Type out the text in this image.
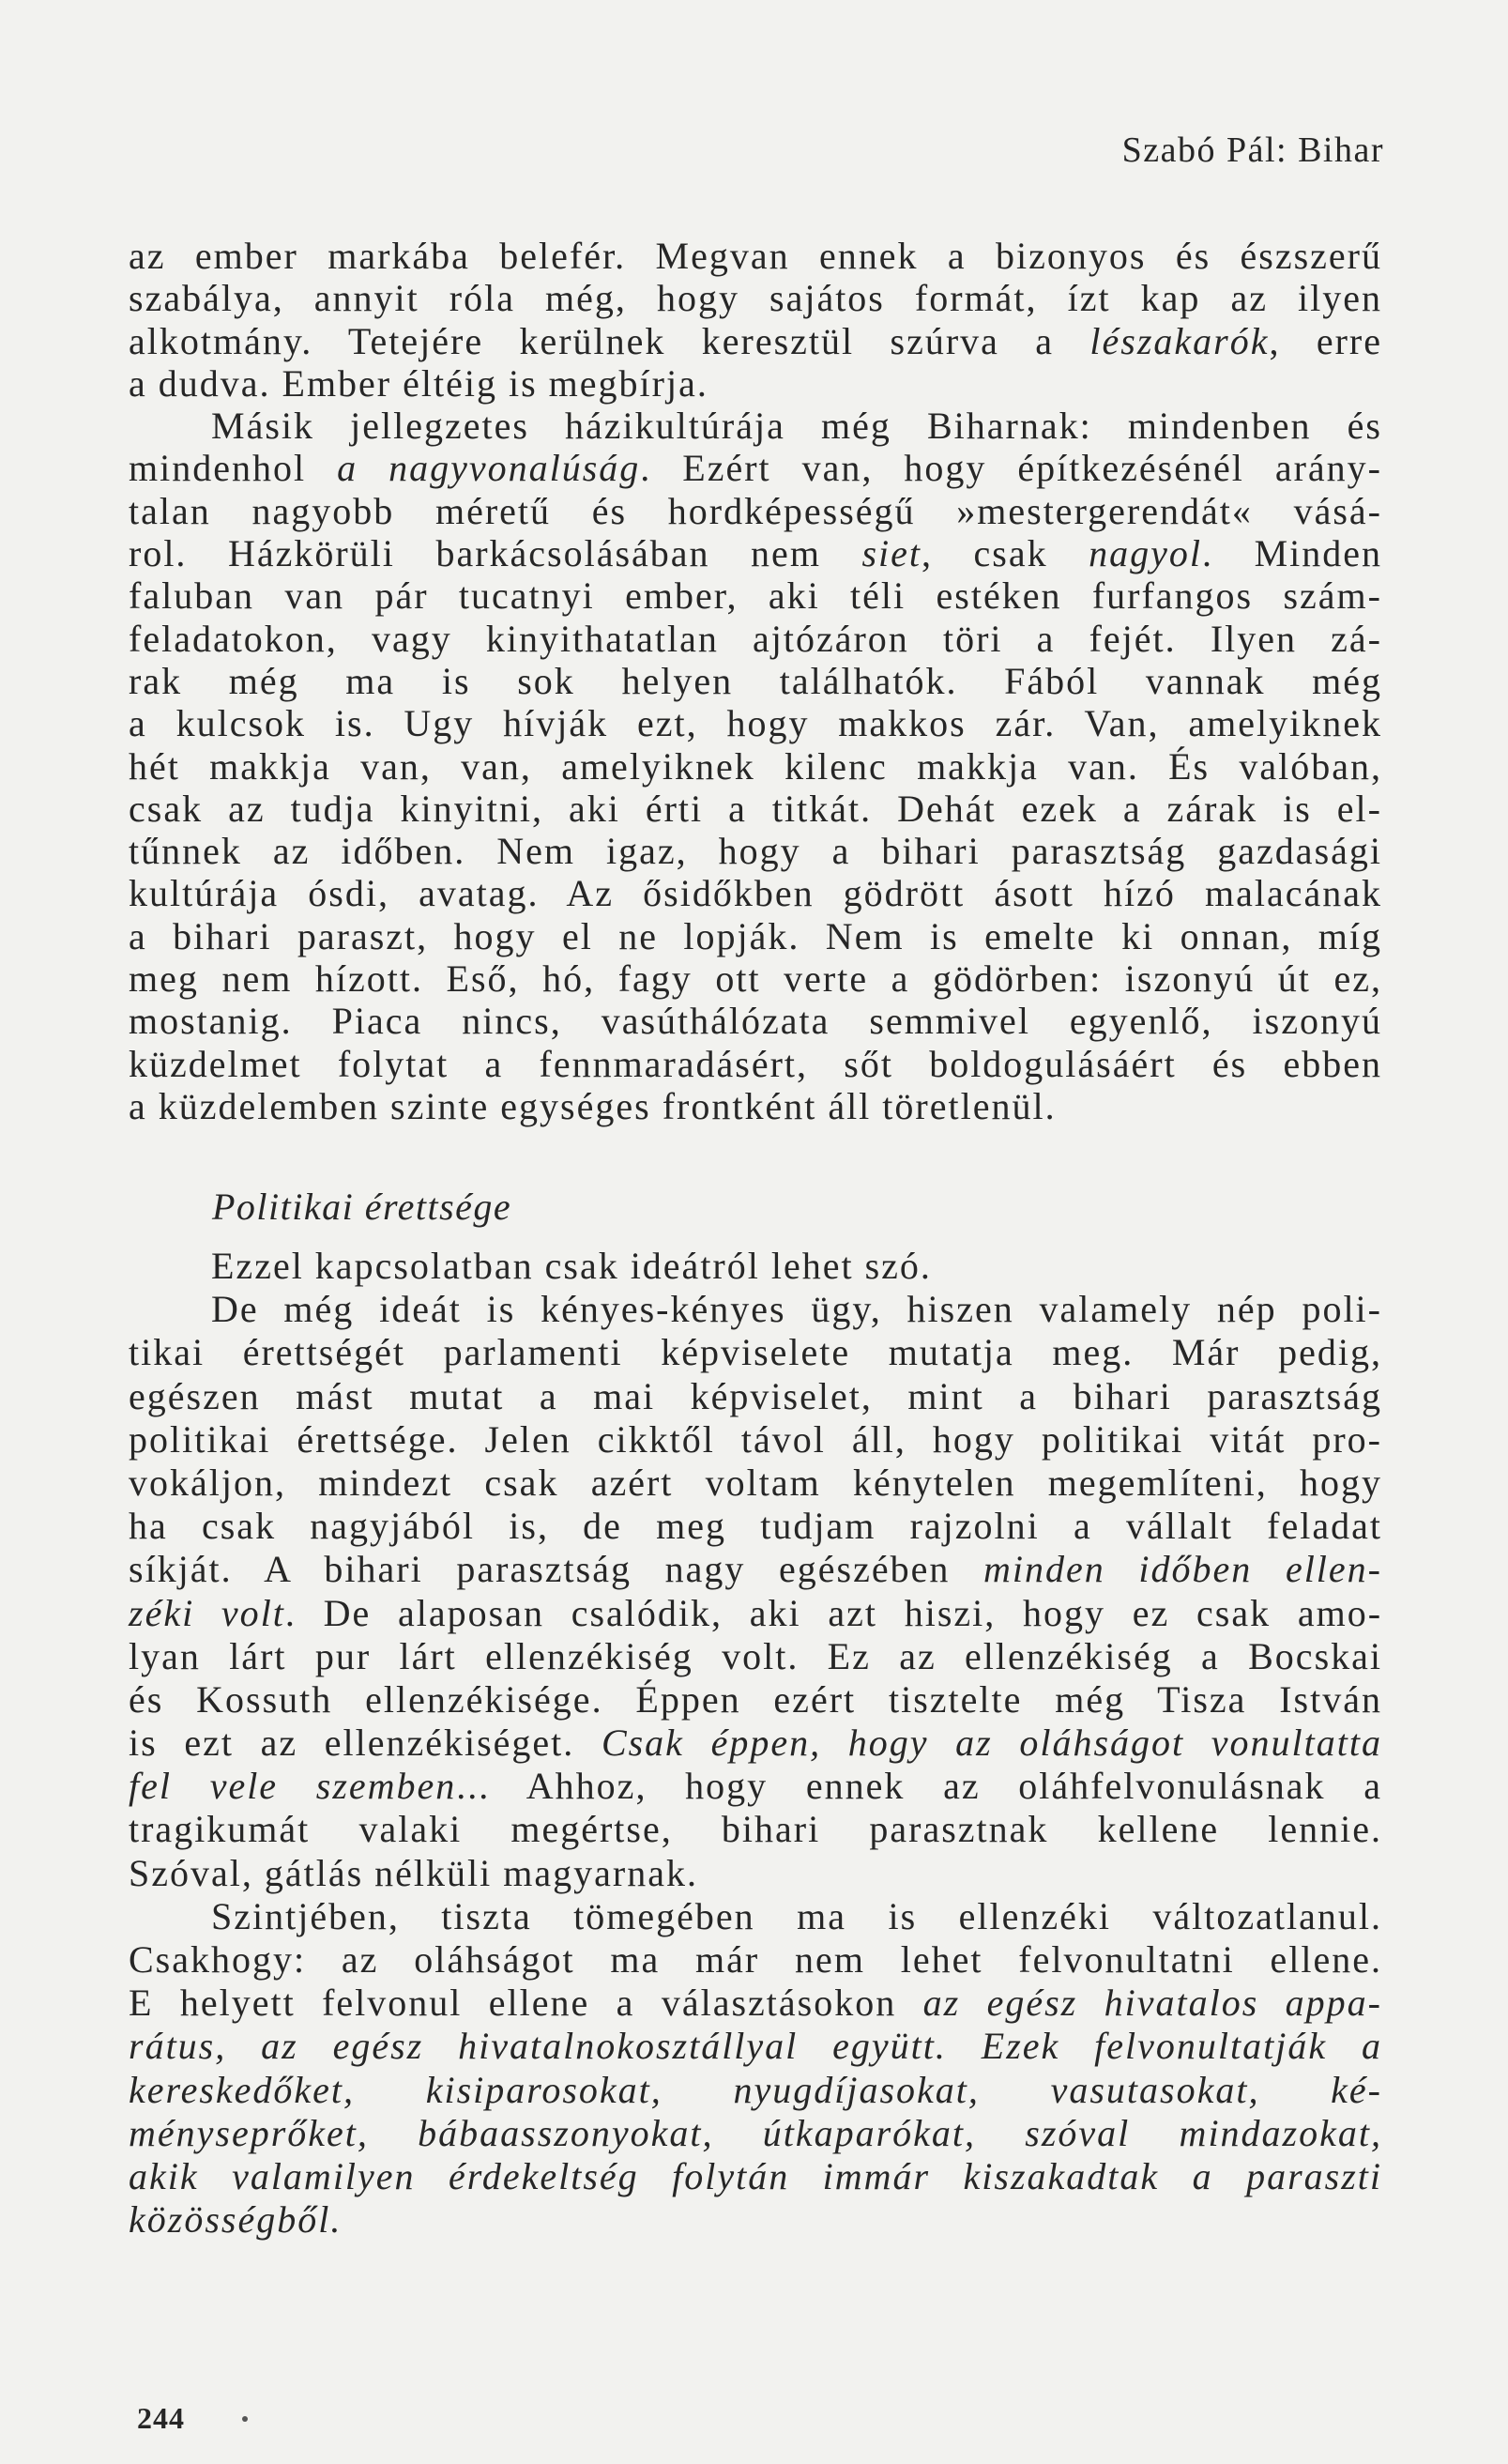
Szabó Pál: Bihar
az ember markába belefér. Megvan ennek a bizonyos és észszerű
szabálya, annyit róla még, hogy sajátos formát, ízt kap az ilyen
alkotmány. Tetejére kerülnek keresztül szúrva a lészakarók, erre
a dudva. Ember éltéig is megbírja.
Másik jellegzetes házikultúrája még Biharnak: mindenben és
mindenhol a nagyvonalúság. Ezért van, hogy építkezésénél arány-
talan nagyobb méretű és hordképességű »mestergerendát« vásá-
rol. Házkörüli barkácsolásában nem siet, csak nagyol. Minden
faluban van pár tucatnyi ember, aki téli estéken furfangos szám-
feladatokon, vagy kinyithatatlan ajtózáron töri a fejét. Ilyen zá-
rak még ma is sok helyen találhatók. Fából vannak még
a kulcsok is. Ugy hívják ezt, hogy makkos zár. Van, amelyiknek
hét makkja van, van, amelyiknek kilenc makkja van. És valóban,
csak az tudja kinyitni, aki érti a titkát. Dehát ezek a zárak is el-
tűnnek az időben. Nem igaz, hogy a bihari parasztság gazdasági
kultúrája ósdi, avatag. Az ősidőkben gödrött ásott hízó malacának
a bihari paraszt, hogy el ne lopják. Nem is emelte ki onnan, míg
meg nem hízott. Eső, hó, fagy ott verte a gödörben: iszonyú út ez,
mostanig. Piaca nincs, vasúthálózata semmivel egyenlő, iszonyú
küzdelmet folytat a fennmaradásért, sőt boldogulásáért és ebben
a küzdelemben szinte egységes frontként áll töretlenül.
Politikai érettsége
Ezzel kapcsolatban csak ideátról lehet szó.
De még ideát is kényes-kényes ügy, hiszen valamely nép poli-
tikai érettségét parlamenti képviselete mutatja meg. Már pedig,
egészen mást mutat a mai képviselet, mint a bihari parasztság
politikai érettsége. Jelen cikktől távol áll, hogy politikai vitát pro-
vokáljon, mindezt csak azért voltam kénytelen megemlíteni, hogy
ha csak nagyjából is, de meg tudjam rajzolni a vállalt feladat
síkját. A bihari parasztság nagy egészében minden időben ellen-
zéki volt. De alaposan csalódik, aki azt hiszi, hogy ez csak amo-
lyan lárt pur lárt ellenzékiség volt. Ez az ellenzékiség a Bocskai
és Kossuth ellenzékisége. Éppen ezért tisztelte még Tisza István
is ezt az ellenzékiséget. Csak éppen, hogy az oláhságot vonultatta
fel vele szemben... Ahhoz, hogy ennek az oláhfelvonulásnak a
tragikumát valaki megértse, bihari parasztnak kellene lennie.
Szóval, gátlás nélküli magyarnak.
Szintjében, tiszta tömegében ma is ellenzéki változatlanul.
Csakhogy: az oláhságot ma már nem lehet felvonultatni ellene.
E helyett felvonul ellene a választásokon az egész hivatalos appa-
rátus, az egész hivatalnokosztállyal együtt. Ezek felvonultatják a
kereskedőket, kisiparosokat, nyugdíjasokat, vasutasokat, ké-
ményseprőket, bábaasszonyokat, útkaparókat, szóval mindazokat,
akik valamilyen érdekeltség folytán immár kiszakadtak a paraszti
közösségből.
244
